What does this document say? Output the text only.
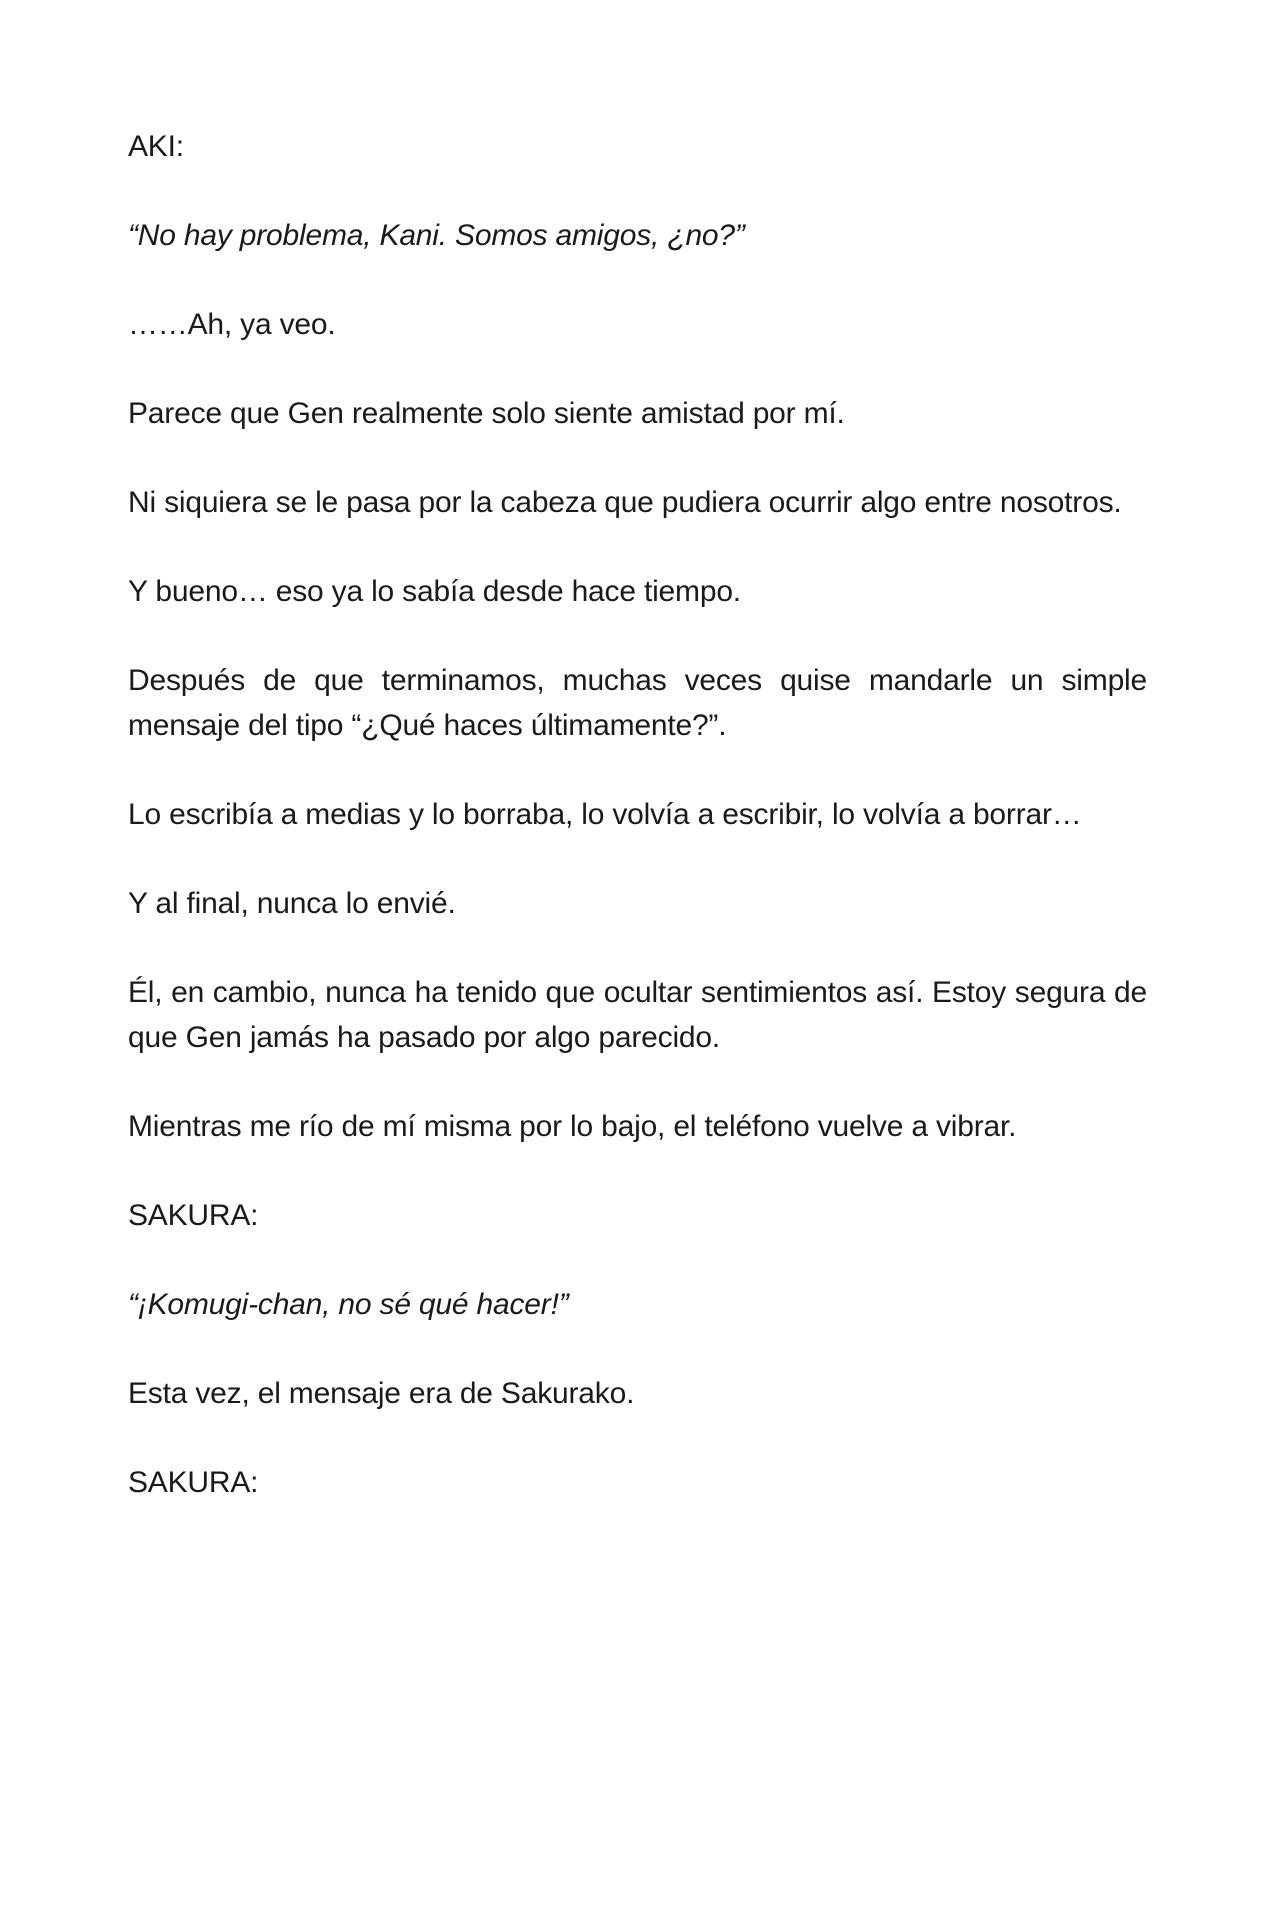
AKI:

“No hay problema, Kani. Somos amigos, ¿no?”

……Ah, ya veo.

Parece que Gen realmente solo siente amistad por mí.

Ni siquiera se le pasa por la cabeza que pudiera ocurrir algo entre nosotros.

Y bueno… eso ya lo sabía desde hace tiempo.

Después de que terminamos, muchas veces quise mandarle un simple mensaje del tipo “¿Qué haces últimamente?”.

Lo escribía a medias y lo borraba, lo volvía a escribir, lo volvía a borrar…

Y al final, nunca lo envié.

Él, en cambio, nunca ha tenido que ocultar sentimientos así. Estoy segura de que Gen jamás ha pasado por algo parecido.

Mientras me río de mí misma por lo bajo, el teléfono vuelve a vibrar.

SAKURA:

“¡Komugi-chan, no sé qué hacer!”

Esta vez, el mensaje era de Sakurako.

SAKURA:
